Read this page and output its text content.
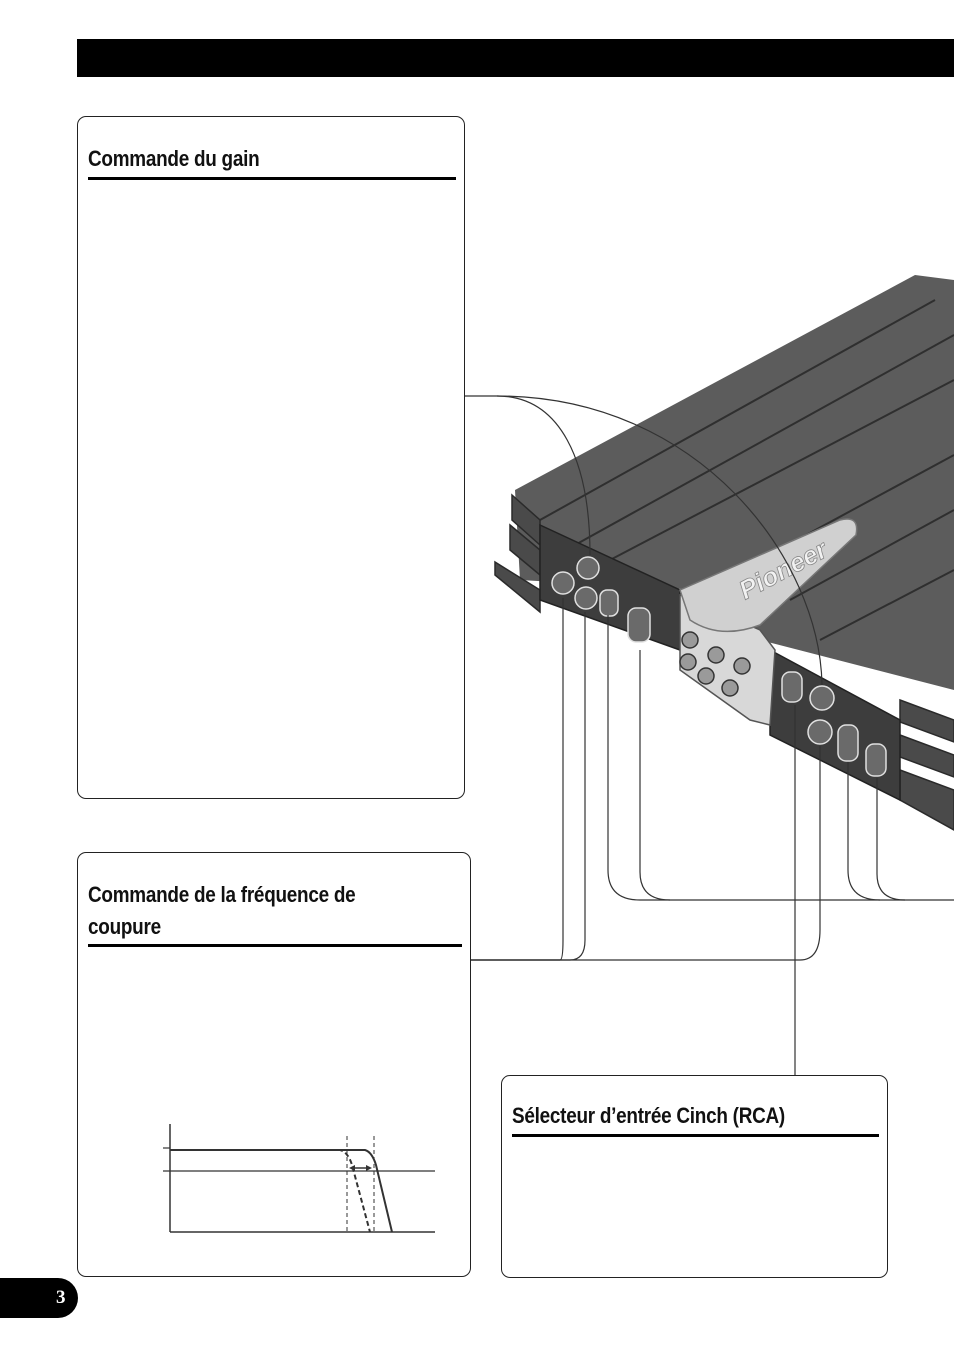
Pioneer
Commande du gain
Commande de la fréquence de
coupure
Sélecteur d’entrée Cinch (RCA)
3
